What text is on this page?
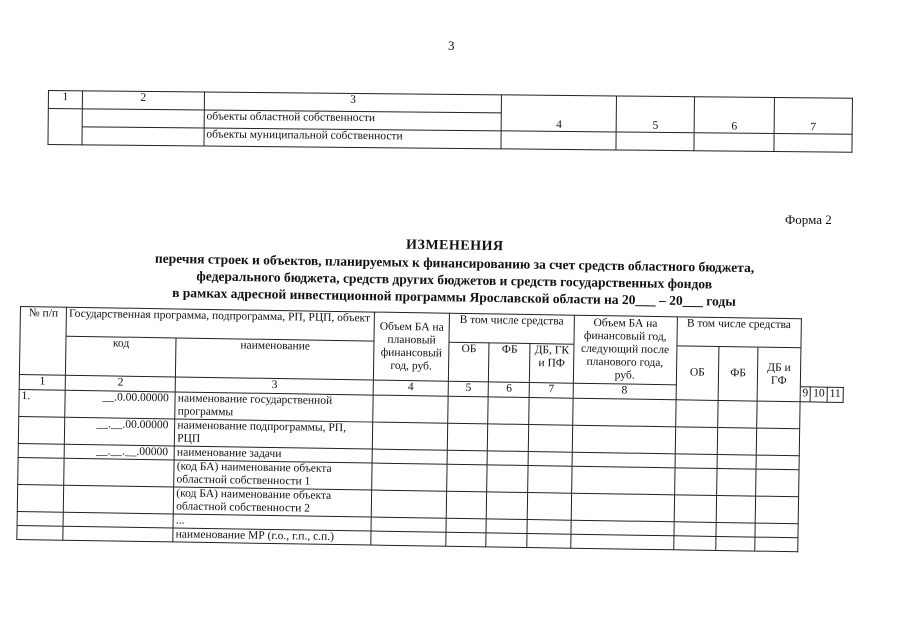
3
1	2	3	4	5	6	7
		объекты областной собственности				
		объекты муниципальной собственности				
Форма 2
ИЗМЕНЕНИЯ
перечня строек и объектов, планируемых к финансированию за счет средств областного бюджета,
федерального бюджета, средств других бюджетов и средств государственных фондов
в рамках адресной инвестиционной программы Ярославской области на 20___ – 20___ годы
№ п/п	Государственная программа, подпрограмма, РП, РЦП, объект		Объем БА на плановый финансовый год, руб.	В том числе средства			Объем БА на финансовый год, следующий после планового года, руб.	В том числе средства					
	код	наименование		ОБ	ФБ	ДБ, ГК и ПФ		ОБ	ФБ	ДБ и ГФ			

1	2	3	4	5	6	7	8				9	10	11
1.	__.0.00.00000	наименование государственной программы											
	__.__.00.00000	наименование подпрограммы, РП, РЦП											
	__.__.__.00000	наименование задачи											
		(код БА) наименование объекта областной собственности 1											
		(код БА) наименование объекта областной собственности 2											
		...											
		наименование МР (г.о., г.п., с.п.)											
